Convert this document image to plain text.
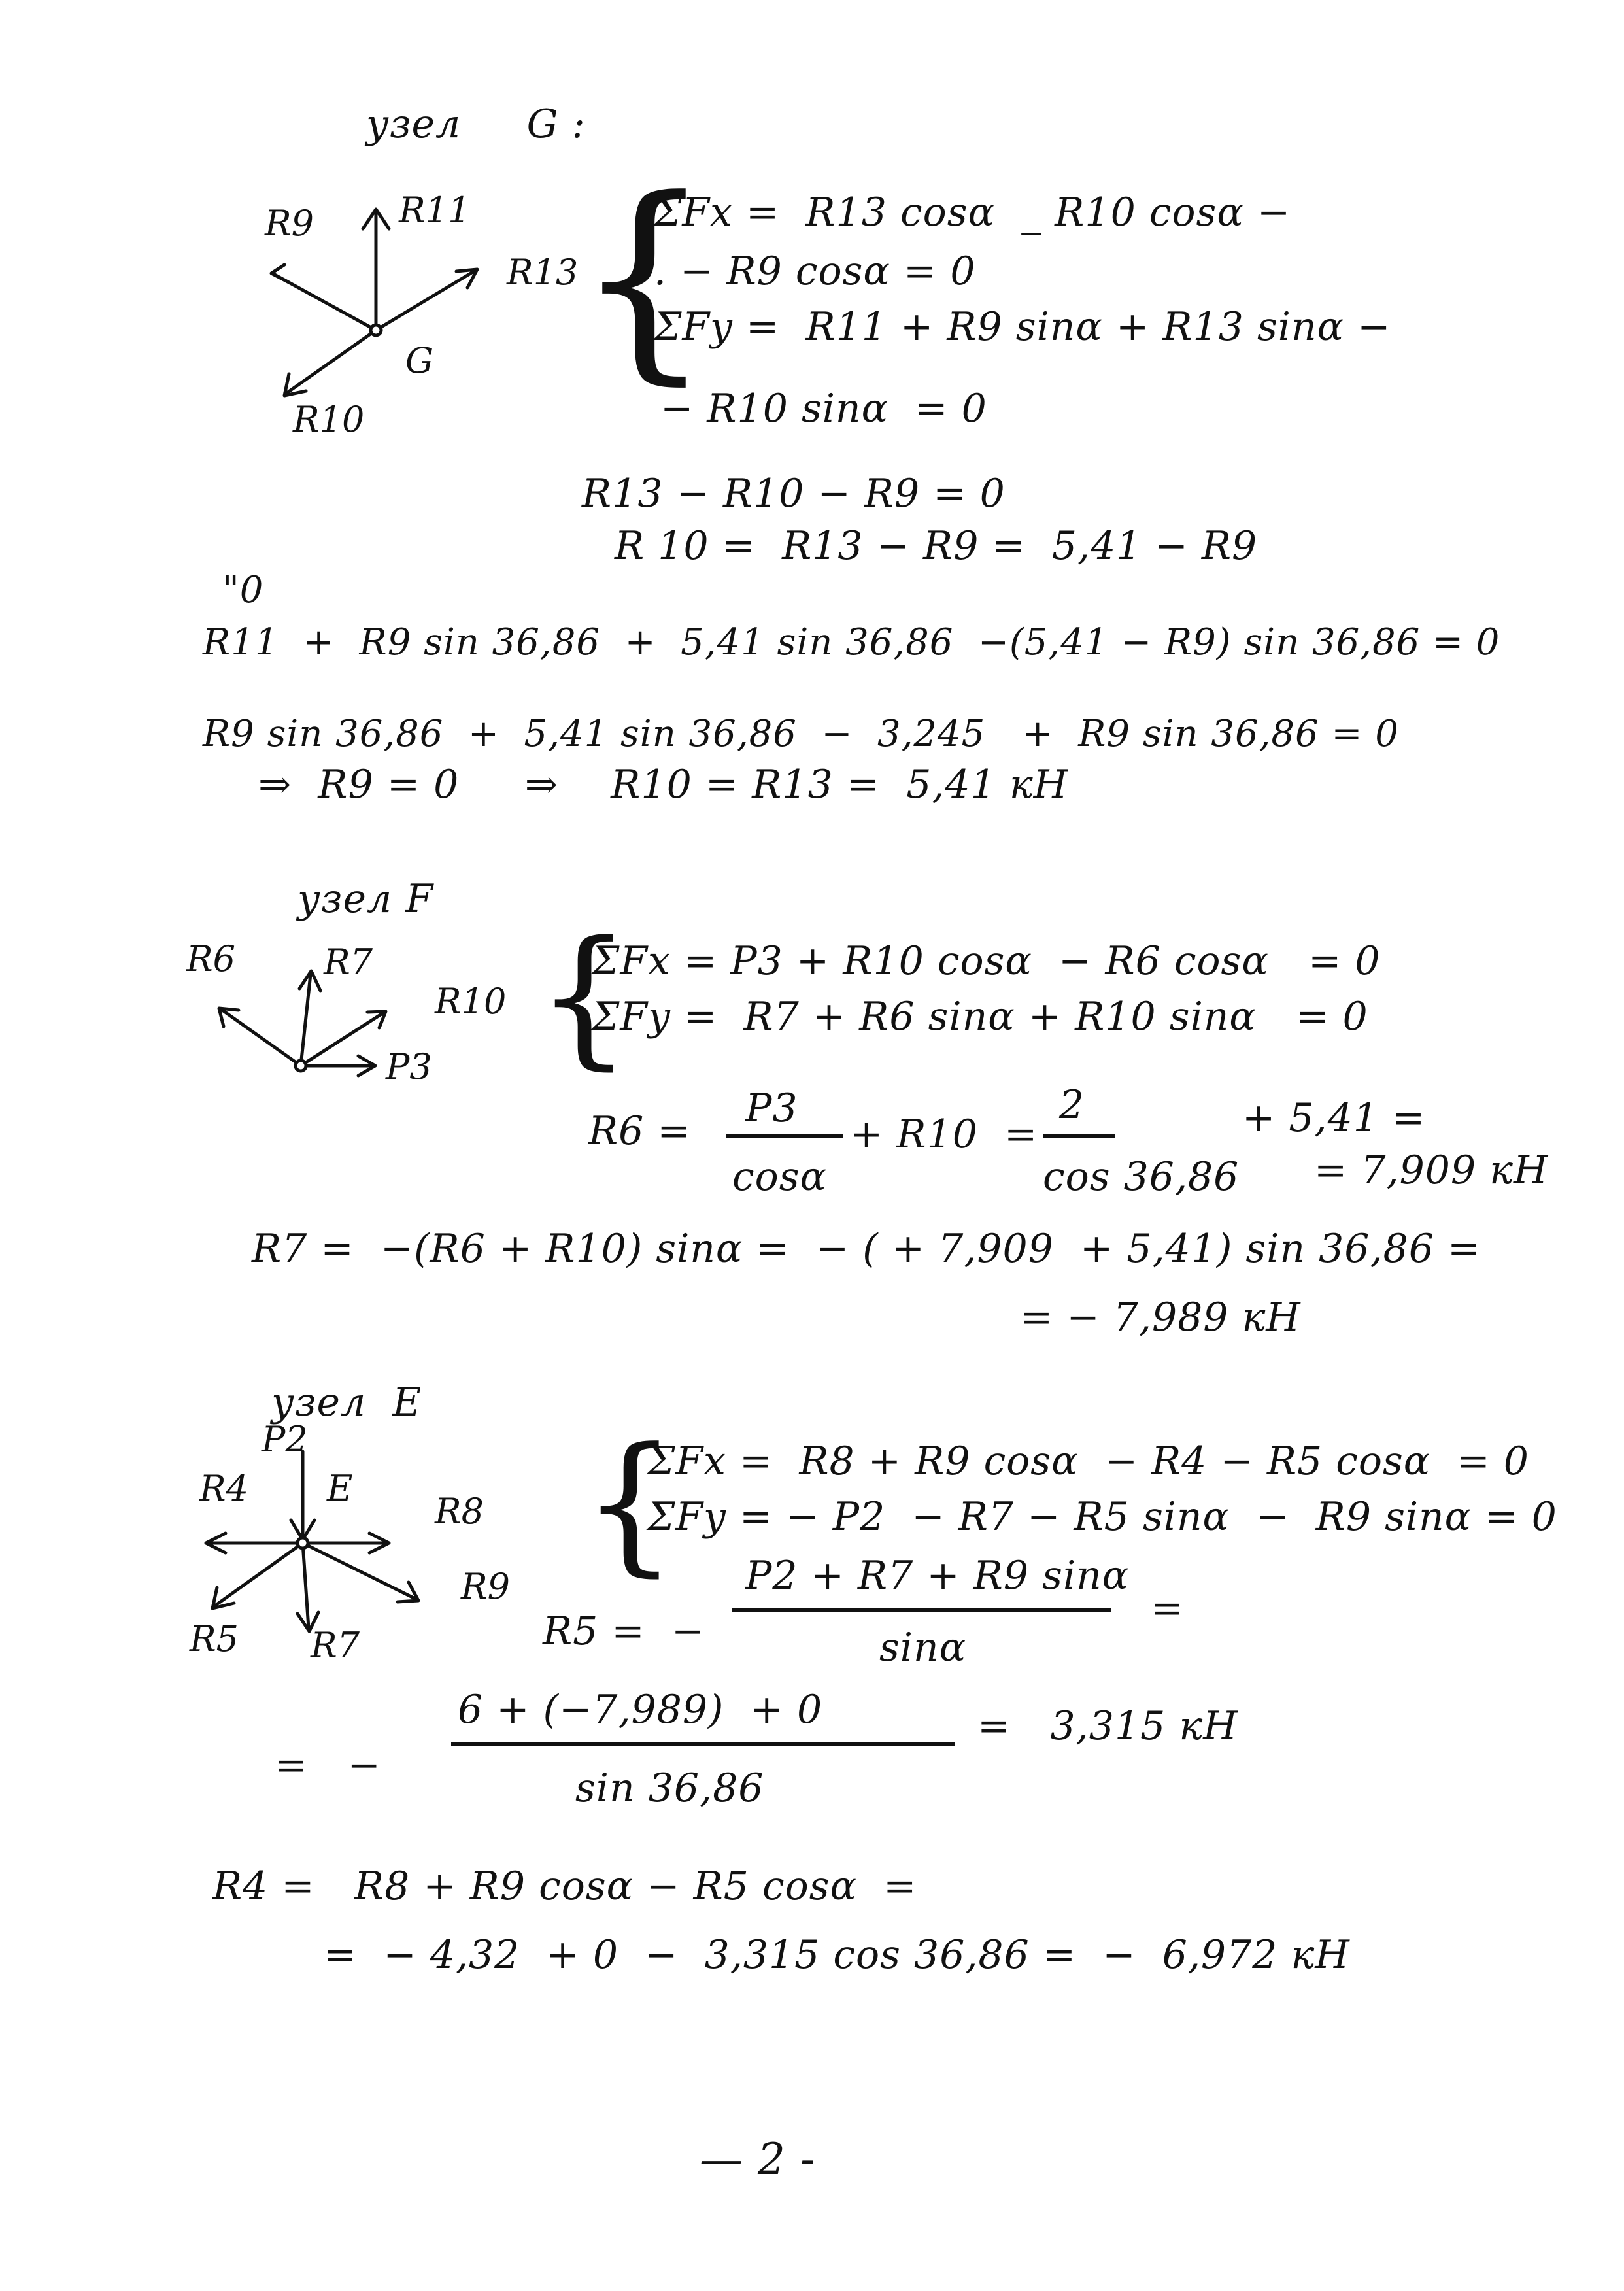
узел     G :
R9 R11
R13
G
R10
{
ΣFx =  R13 cosα  _ R10 cosα −
. − R9 cosα = 0
ΣFy =  R11 + R9 sinα + R13 sinα −
− R10 sinα  = 0
R13 − R10 − R9 = 0
R 10 =  R13 − R9 =  5,41 − R9
"0
R11  +  R9 sin 36,86  +  5,41 sin 36,86  −(5,41 − R9) sin 36,86 = 0
R9 sin 36,86  +  5,41 sin 36,86  −  3,245   +  R9 sin 36,86 = 0
⇒  R9 = 0     ⇒    R10 = R13 =  5,41 кН
узел F
R6 R7
R10
P3 {
ΣFx = P3 + R10 cosα  − R6 cosα   = 0
ΣFy =  R7 + R6 sinα + R10 sinα   = 0
R6 = P3
cosα
+ R10  =
2
cos 36,86
+ 5,41 =
= 7,909 кН
R7 =  −(R6 + R10) sinα =  − ( + 7,909  + 5,41) sin 36,86 =
= − 7,989 кН
узел  E
P2
R4 E
R8
R9
R5 R7
{
ΣFx =  R8 + R9 cosα  − R4 − R5 cosα  = 0
ΣFy = − P2  − R7 − R5 sinα  −  R9 sinα = 0
R5 =  −
P2 + R7 + R9 sinα
sinα
=
=   −
6 + (−7,989)  + 0
sin 36,86
=   3,315 кН
R4 =   R8 + R9 cosα − R5 cosα  =
=  − 4,32  + 0  −  3,315 cos 36,86 =  −  6,972 кН
— 2 -
